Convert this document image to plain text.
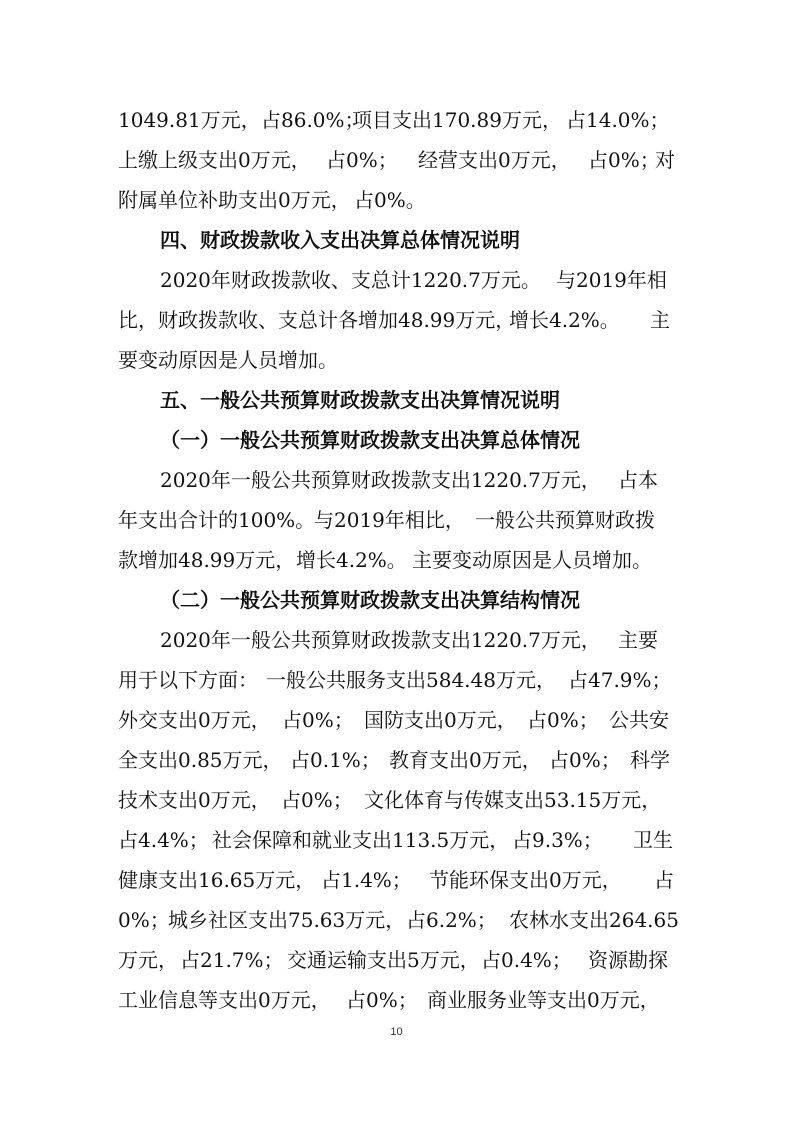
1049.81万元， 占86.0%；
项目支出170.89万元， 占14.0%；
上缴上级支出0万元， 占0%； 经营支出0万元， 占0%；
对
附属单位补助支出0万元， 占0%。
四、财政拨款收入支出决算总体情况说明
2020年财政拨款收、支总计1220.7万元。 与2019年相
比，财政拨款收、支总计各增加48.99万元，
增长4.2%。 主
要变动原因是人员增加。
五、一般公共预算财政拨款支出决算情况说明
（一）一般公共预算财政拨款支出决算总体情况
2020年一般公共预算财政拨款支出1220.7万元， 占本
年支出合计的100%。
与2019年相比， 一般公共预算财政拨
款增加48.99万元， 增长4.2%。 主要变动原因是人员增加。
（二）一般公共预算财政拨款支出决算结构情况
2020年一般公共预算财政拨款支出1220.7万元， 主要
用于以下方面： 一般公共服务支出584.48万元， 占47.9%；
外交支出0万元， 占0%； 国防支出0万元， 占0%； 公共安
全支出0.85万元， 占0.1%； 教育支出0万元， 占0%； 科学
技术支出0万元， 占0%； 文化体育与传媒支出53.15万元，
占4.4%； 社会保障和就业支出113.5万元， 占9.3%； 卫生
健康支出16.65万元， 占1.4%； 节能环保支出0万元， 占
0%；
城乡社区支出75.63万元， 占6.2%； 农林水支出264.65
万元， 占21.7%； 交通运输支出5万元， 占0.4%； 资源勘探
工业信息等支出0万元， 占0%； 商业服务业等支出0万元，
10
